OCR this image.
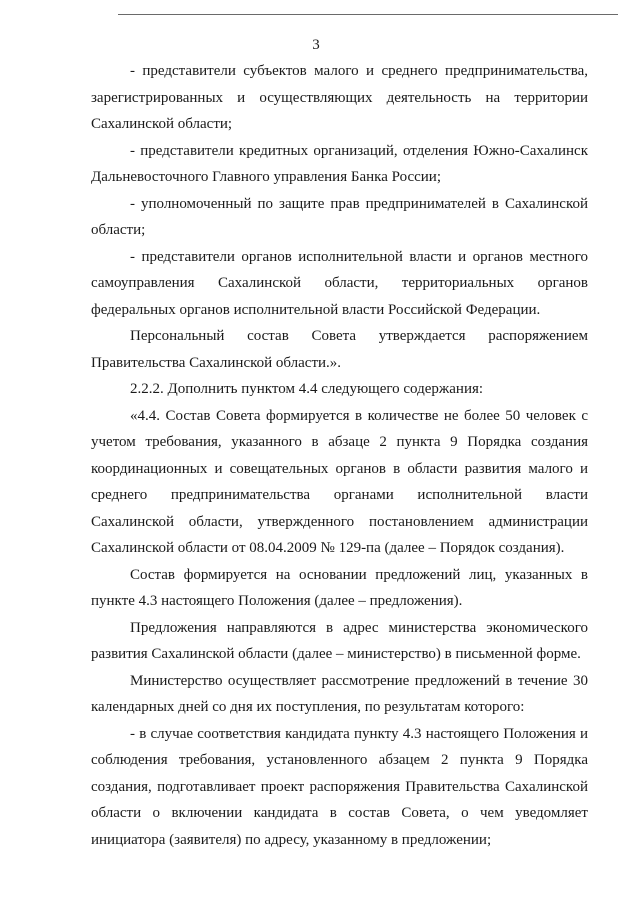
3

- представители субъектов малого и среднего предпринимательства, зарегистрированных и осуществляющих деятельность на территории Сахалинской области;

- представители кредитных организаций, отделения Южно-Сахалинск Дальневосточного Главного управления Банка России;

- уполномоченный по защите прав предпринимателей в Сахалинской области;

- представители органов исполнительной власти и органов местного самоуправления Сахалинской области, территориальных органов федеральных органов исполнительной власти Российской Федерации.

Персональный состав Совета утверждается распоряжением Правительства Сахалинской области.».

2.2.2. Дополнить пунктом 4.4 следующего содержания:

«4.4. Состав Совета формируется в количестве не более 50 человек с учетом требования, указанного в абзаце 2 пункта 9 Порядка создания координационных и совещательных органов в области развития малого и среднего предпринимательства органами исполнительной власти Сахалинской области, утвержденного постановлением администрации Сахалинской области от 08.04.2009 № 129-па (далее – Порядок создания).

Состав формируется на основании предложений лиц, указанных в пункте 4.3 настоящего Положения (далее – предложения).

Предложения направляются в адрес министерства экономического развития Сахалинской области (далее – министерство) в письменной форме.

Министерство осуществляет рассмотрение предложений в течение 30 календарных дней со дня их поступления, по результатам которого:

- в случае соответствия кандидата пункту 4.3 настоящего Положения и соблюдения требования, установленного абзацем 2 пункта 9 Порядка создания, подготавливает проект распоряжения Правительства Сахалинской области о включении кандидата в состав Совета, о чем уведомляет инициатора (заявителя) по адресу, указанному в предложении;
